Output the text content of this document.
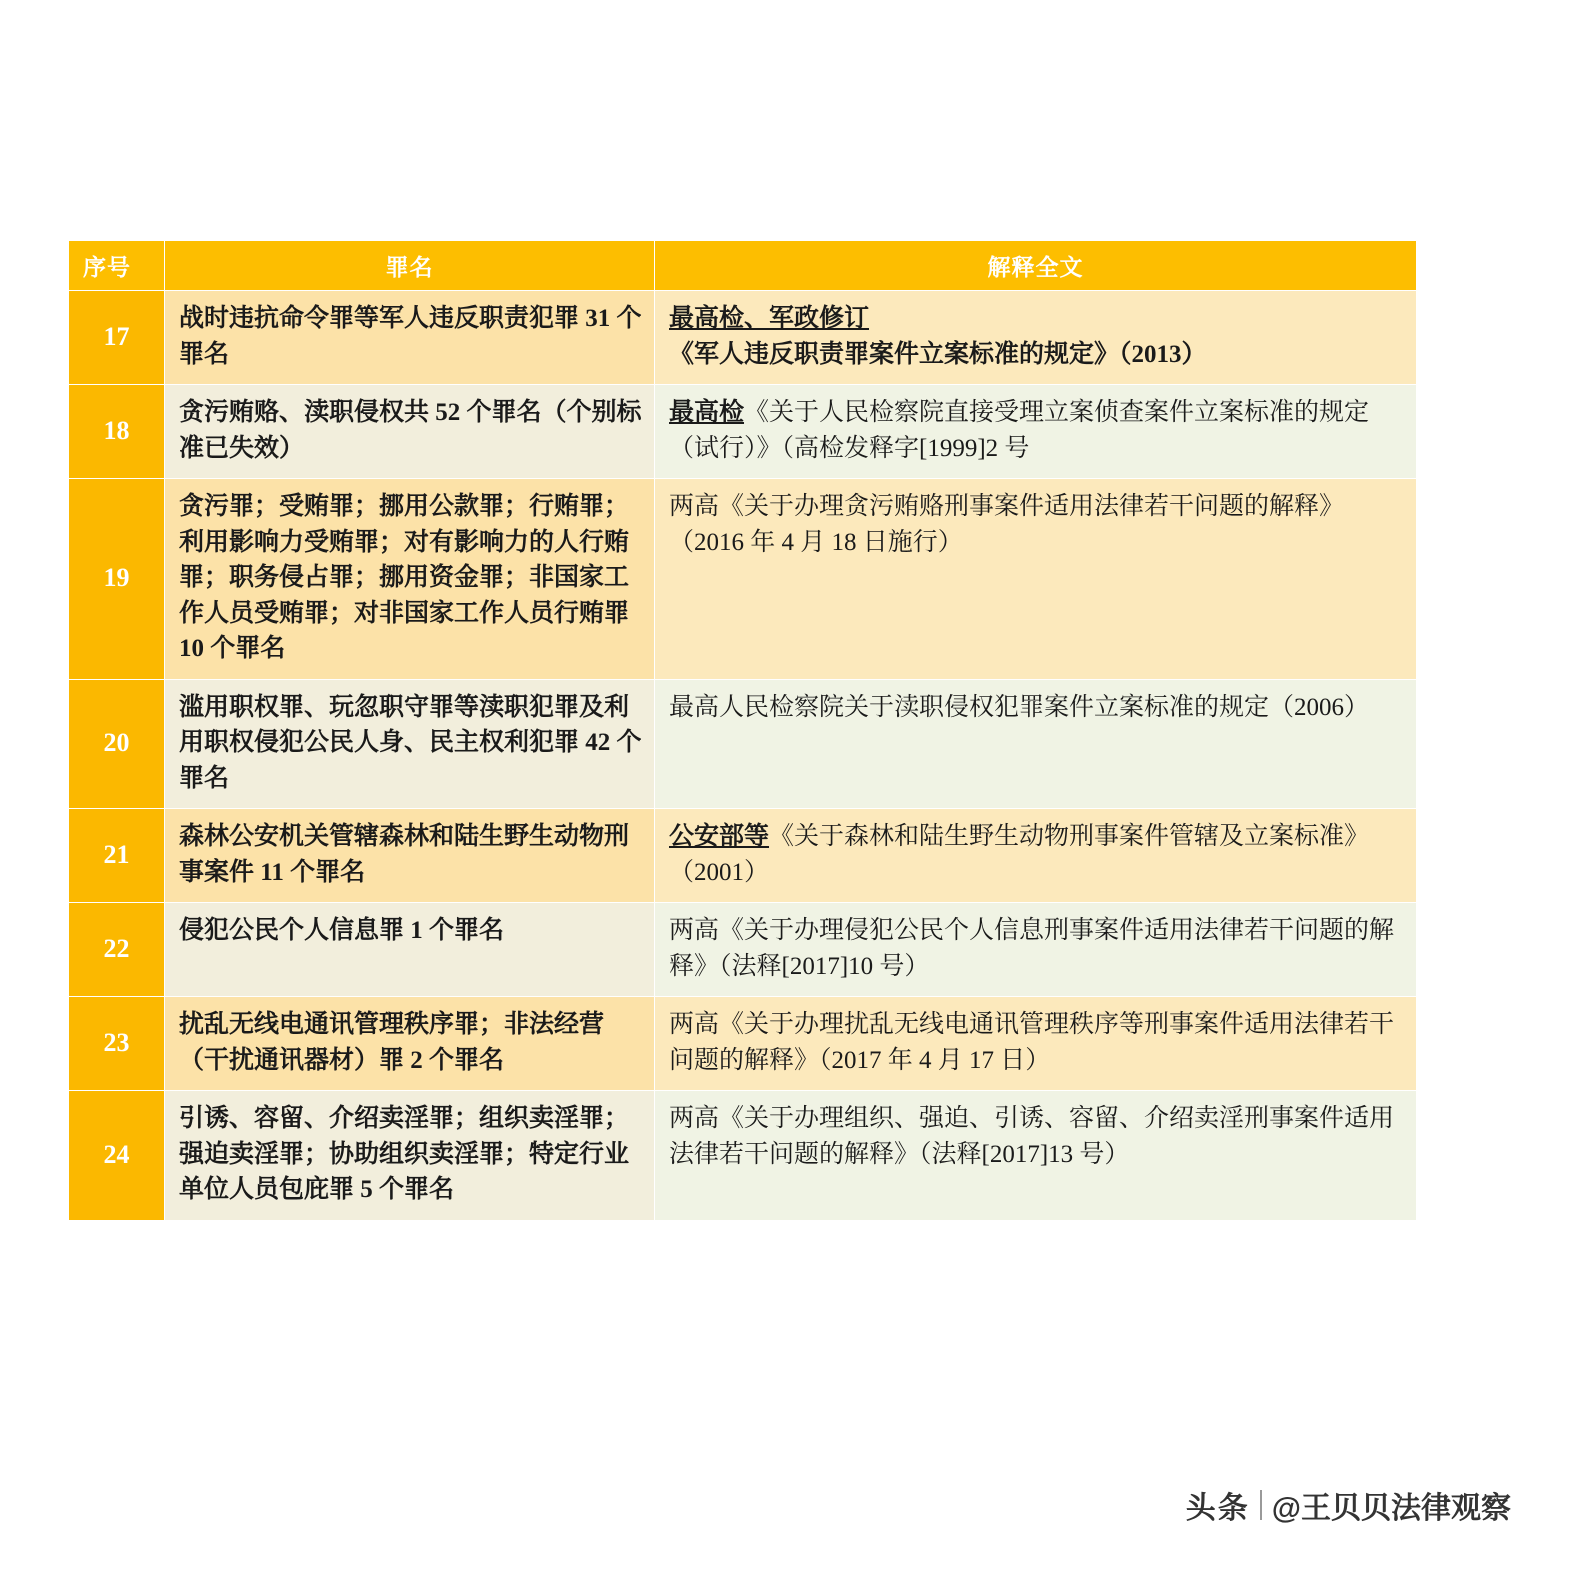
序号	罪名	解释全文
17	战时违抗命令罪等军人违反职责犯罪 31 个罪名	最高检、军政修订《军人违反职责罪案件立案标准的规定》（2013）
18	贪污贿赂、渎职侵权共 52 个罪名（个别标准已失效）	最高检《关于人民检察院直接受理立案侦查案件立案标准的规定（试行）》（高检发释字[1999]2 号
19	贪污罪；受贿罪；挪用公款罪；行贿罪；利用影响力受贿罪；对有影响力的人行贿罪；职务侵占罪；挪用资金罪；非国家工作人员受贿罪；对非国家工作人员行贿罪 10 个罪名	两高《关于办理贪污贿赂刑事案件适用法律若干问题的解释》（2016 年 4 月 18 日施行）
20	滥用职权罪、玩忽职守罪等渎职犯罪及利用职权侵犯公民人身、民主权利犯罪 42 个罪名	最高人民检察院关于渎职侵权犯罪案件立案标准的规定（2006）
21	森林公安机关管辖森林和陆生野生动物刑事案件 11 个罪名	公安部等《关于森林和陆生野生动物刑事案件管辖及立案标准》（2001）
22	侵犯公民个人信息罪 1 个罪名	两高《关于办理侵犯公民个人信息刑事案件适用法律若干问题的解释》（法释[2017]10 号）
23	扰乱无线电通讯管理秩序罪；非法经营（干扰通讯器材）罪 2 个罪名	两高《关于办理扰乱无线电通讯管理秩序等刑事案件适用法律若干问题的解释》（2017 年 4 月 17 日）
24	引诱、容留、介绍卖淫罪；组织卖淫罪；强迫卖淫罪；协助组织卖淫罪；特定行业单位人员包庇罪 5 个罪名	两高《关于办理组织、强迫、引诱、容留、介绍卖淫刑事案件适用法律若干问题的解释》（法释[2017]13 号）
头条 @王贝贝法律观察
